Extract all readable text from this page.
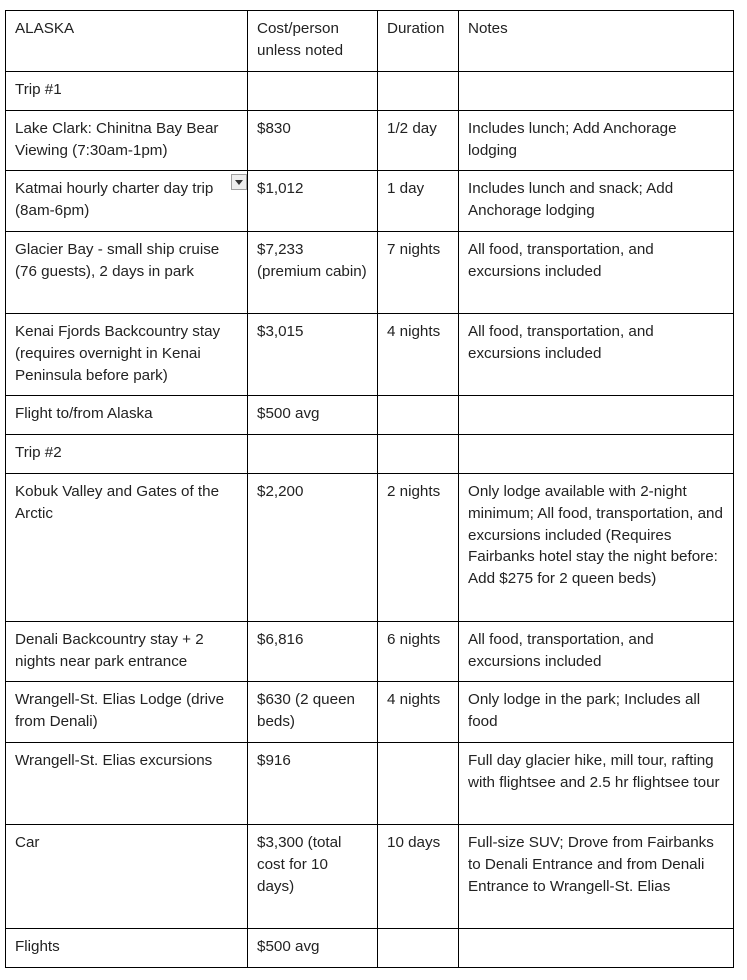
ALASKA	Cost/person unless noted	Duration	Notes
Trip #1			
Lake Clark: Chinitna Bay Bear Viewing (7:30am-1pm)	$830	1/2 day	Includes lunch; Add Anchorage lodging

Katmai hourly charter day trip (8am-6pm)	$1,012	1 day	Includes lunch and snack; Add Anchorage lodging
Glacier Bay - small ship cruise (76 guests), 2 days in park	$7,233 (premium cabin)	7 nights	All food, transportation, and excursions included
Kenai Fjords Backcountry stay (requires overnight in Kenai Peninsula before park)	$3,015	4 nights	All food, transportation, and excursions included
Flight to/from Alaska	$500 avg		
Trip #2			
Kobuk Valley and Gates of the Arctic	$2,200	2 nights	Only lodge available with 2-night minimum; All food, transportation, and excursions included (Requires Fairbanks hotel stay the night before: Add $275 for 2 queen beds)
Denali Backcountry stay + 2 nights near park entrance	$6,816	6 nights	All food, transportation, and excursions included
Wrangell-St. Elias Lodge (drive from Denali)	$630 (2 queen beds)	4 nights	Only lodge in the park; Includes all food
Wrangell-St. Elias excursions	$916		Full day glacier hike, mill tour, rafting with flightsee and 2.5 hr flightsee tour
Car	$3,300 (total cost for 10 days)	10 days	Full-size SUV; Drove from Fairbanks to Denali Entrance and from Denali Entrance to Wrangell-St. Elias
Flights	$500 avg		
